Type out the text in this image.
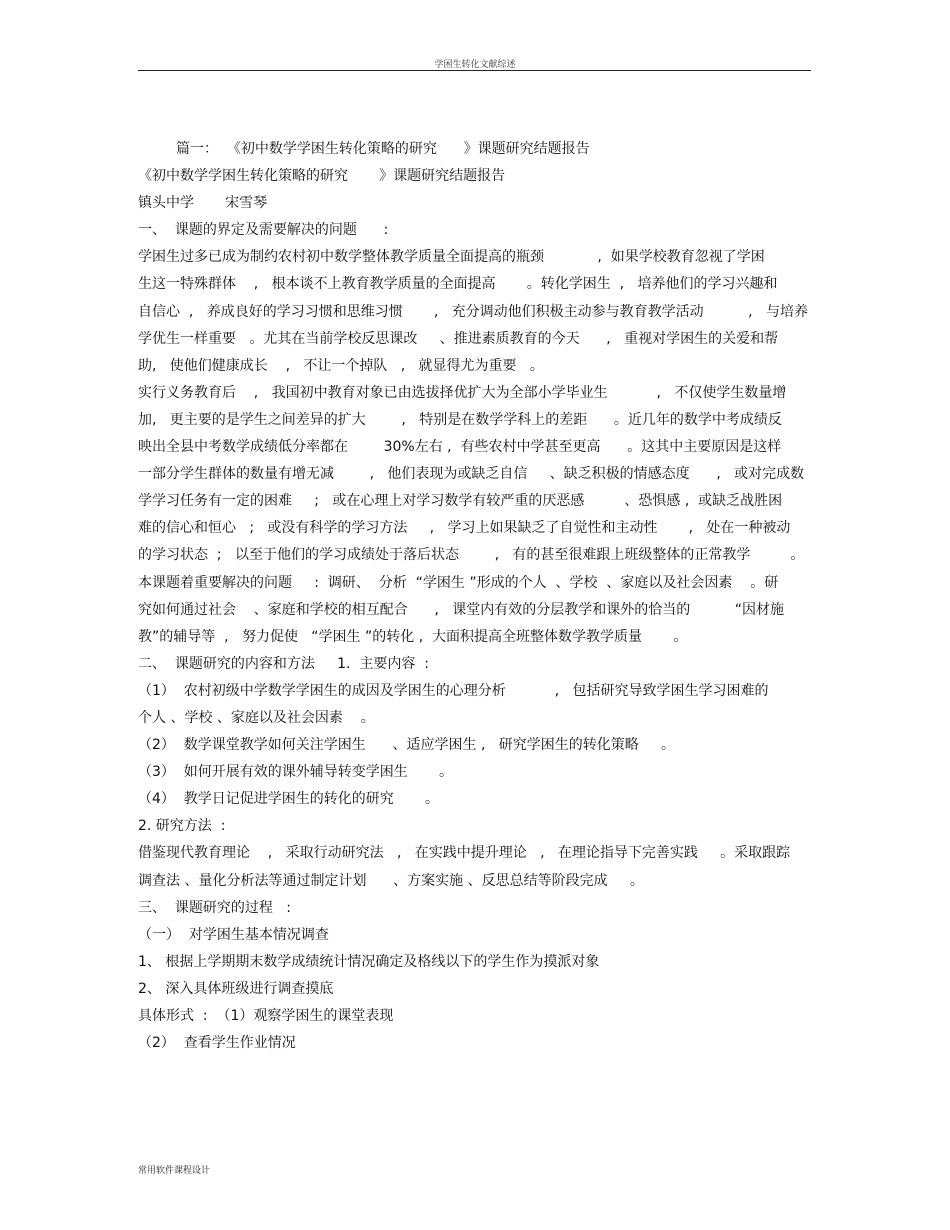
学困生转化文献综述
篇一：  《初中数学学困生转化策略的研究      》课题研究结题报告
《初中数学学困生转化策略的研究       》课题研究结题报告
镇头中学       宋雪琴
一、  课题的界定及需要解决的问题      :
学困生过多已成为制约农村初中数学整体教学质量全面提高的瓶颈            ,  如果学校教育忽视了学困
生这一特殊群体    ,   根本谈不上教育教学质量的全面提高       。转化学困生  ,   培养他们的学习兴趣和
自信心  ,   养成良好的学习习惯和思维习惯       ,   充分调动他们积极主动参与教育教学活动          ,   与培养
学优生一样重要   。尤其在当前学校反思课改     、推进素质教育的今天      ,   重视对学困生的关爱和帮
助,   使他们健康成长    ,   不让一个掉队   ,   就显得尤为重要   。
实行义务教育后    ,   我国初中教育对象已由选拔择优扩大为全部小学毕业生           ,   不仅使学生数量增
加,   更主要的是学生之间差异的扩大        ,   特别是在数学学科上的差距      。近几年的数学中考成绩反
映出全县中考数学成绩低分率都在        30%左右 ,  有些农村中学甚至更高      。这其中主要原因是这样
一部分学生群体的数量有增无减        ,   他们表现为或缺乏自信     、缺乏积极的情感态度      ,   或对完成数
学学习任务有一定的困难     ;   或在心理上对学习数学有较严重的厌恶感         、恐惧感 ,  或缺乏战胜困
难的信心和恒心   ;   或没有科学的学习方法     ,   学习上如果缺乏了自觉性和主动性       ,   处在一种被动
的学习状态  ;   以至于他们的学习成绩处于落后状态        ,   有的甚至很难跟上班级整体的正常教学         。
本课题着重要解决的问题     :  调研、  分析  “学困生 ”形成的个人  、学校  、家庭以及社会因素    。研
究如何通过社会    、家庭和学校的相互配合      ,   课堂内有效的分层教学和课外的恰当的          “因材施
教”的辅导等  ,   努力促使   “学困生 ”的转化 ,  大面积提高全班整体数学教学质量       。
二、  课题研究的内容和方法     1.  主要内容  :
（1）  农村初级中学数学学困生的成因及学困生的心理分析           ,   包括研究导致学困生学习困难的
个人 、学校 、家庭以及社会因素    。
（2）  数学课堂教学如何关注学困生      、适应学困生 ,   研究学困生的转化策略     。
（3）  如何开展有效的课外辅导转变学困生       。
（4）  教学日记促进学困生的转化的研究       。
2. 研究方法  :
借鉴现代教育理论    ,   采取行动研究法   ,   在实践中提升理论   ,   在理论指导下完善实践     。采取跟踪
调查法 、量化分析法等通过制定计划      、方案实施 、反思总结等阶段完成     。
三、  课题研究的过程   :
（一）  对学困生基本情况调查
1、 根据上学期期末数学成绩统计情况确定及格线以下的学生作为摸派对象
2、 深入具体班级进行调查摸底
具体形式  :  （1）观察学困生的课堂表现
（2）  查看学生作业情况
常用软件课程设计
